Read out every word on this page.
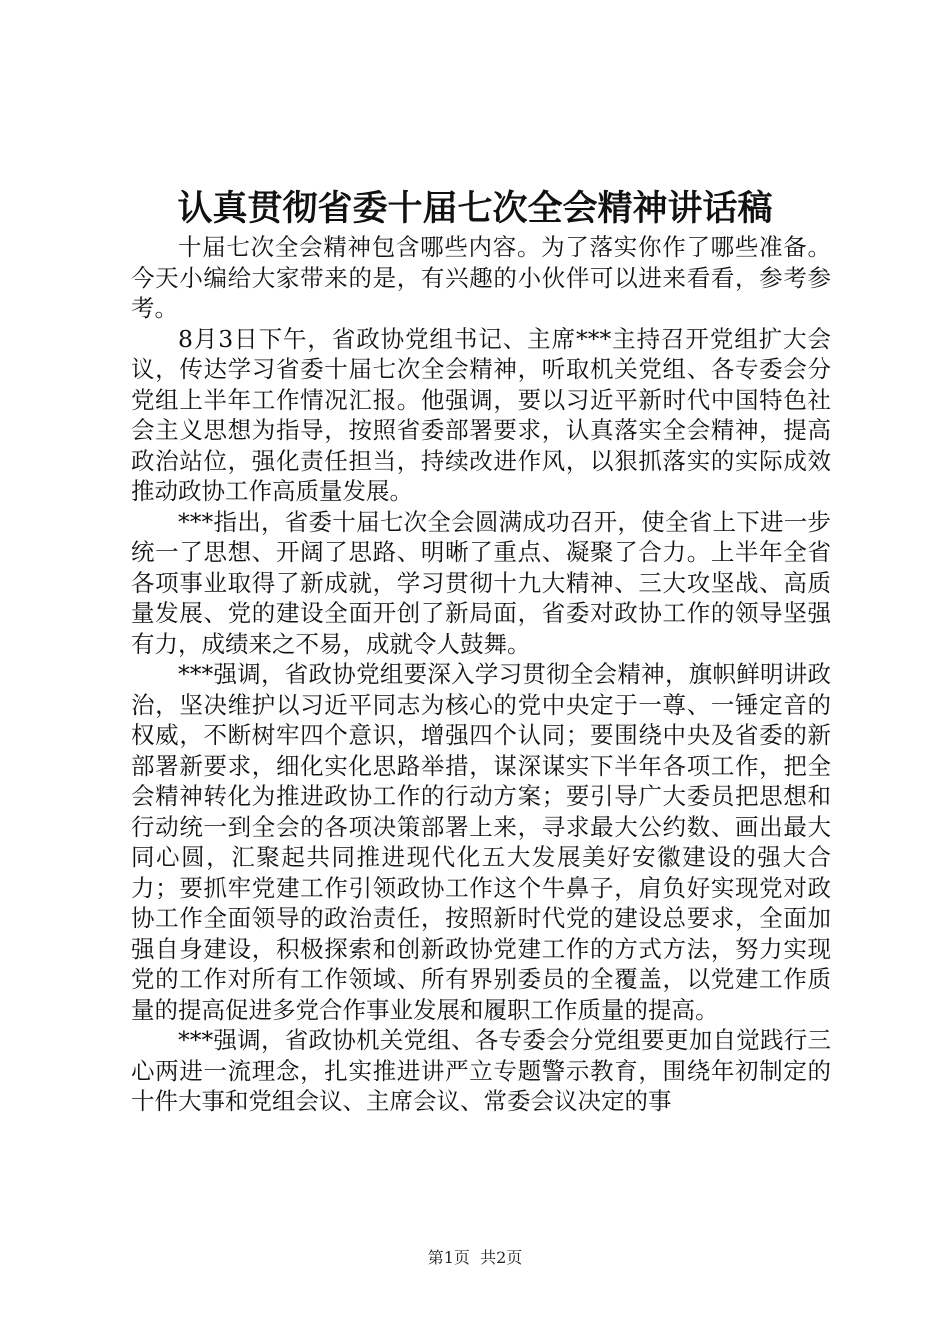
认真贯彻省委十届七次全会精神讲话稿

十届七次全会精神包含哪些内容。为了落实你作了哪些准备。今天小编给大家带来的是，有兴趣的小伙伴可以进来看看，参考参考。

8月3日下午，省政协党组书记、主席***主持召开党组扩大会议，传达学习省委十届七次全会精神，听取机关党组、各专委会分党组上半年工作情况汇报。他强调，要以习近平新时代中国特色社会主义思想为指导，按照省委部署要求，认真落实全会精神，提高政治站位，强化责任担当，持续改进作风，以狠抓落实的实际成效推动政协工作高质量发展。

***指出，省委十届七次全会圆满成功召开，使全省上下进一步统一了思想、开阔了思路、明晰了重点、凝聚了合力。上半年全省各项事业取得了新成就，学习贯彻十九大精神、三大攻坚战、高质量发展、党的建设全面开创了新局面，省委对政协工作的领导坚强有力，成绩来之不易，成就令人鼓舞。

***强调，省政协党组要深入学习贯彻全会精神，旗帜鲜明讲政治，坚决维护以习近平同志为核心的党中央定于一尊、一锤定音的权威，不断树牢四个意识，增强四个认同；要围绕中央及省委的新部署新要求，细化实化思路举措，谋深谋实下半年各项工作，把全会精神转化为推进政协工作的行动方案；要引导广大委员把思想和行动统一到全会的各项决策部署上来，寻求最大公约数、画出最大同心圆，汇聚起共同推进现代化五大发展美好安徽建设的强大合力；要抓牢党建工作引领政协工作这个牛鼻子，肩负好实现党对政协工作全面领导的政治责任，按照新时代党的建设总要求，全面加强自身建设，积极探索和创新政协党建工作的方式方法，努力实现党的工作对所有工作领域、所有界别委员的全覆盖，以党建工作质量的提高促进多党合作事业发展和履职工作质量的提高。

***强调，省政协机关党组、各专委会分党组要更加自觉践行三心两进一流理念，扎实推进讲严立专题警示教育，围绕年初制定的十件大事和党组会议、主席会议、常委会议决定的事

第1页 共2页
